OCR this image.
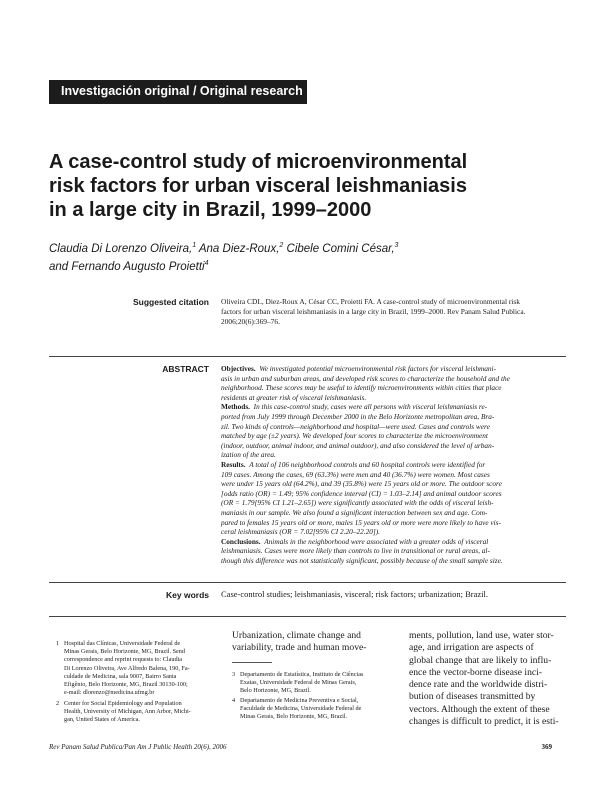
Investigación original / Original research
A case-control study of microenvironmental
risk factors for urban visceral leishmaniasis
in a large city in Brazil, 1999–2000
Claudia Di Lorenzo Oliveira,$^1$ Ana Diez-Roux,$^2$ Cibele Comini César,$^3$
and Fernando Augusto Proietti$^4$
Suggested citation Oliveira CDL, Diez-Roux A, César CC, Proietti FA. A case-control study of microenvironmental risk
factors for urban visceral leishmaniasis in a large city in Brazil, 1999–2000. Rev Panam Salud Publica.
2006;20(6):369–76.
ABSTRACT Objectives. We investigated potential microenvironmental risk factors for visceral leishmani-
asis in urban and suburban areas, and developed risk scores to characterize the household and the
neighborhood. These scores may be useful to identify microenvironments within cities that place
residents at greater risk of visceral leishmaniasis.
Methods. In this case-control study, cases were all persons with visceral leishmaniasis re-
ported from July 1999 through December 2000 in the Belo Horizonte metropolitan area, Bra-
zil. Two kinds of controls—neighborhood and hospital—were used. Cases and controls were
matched by age (±2 years). We developed four scores to characterize the microenvironment
(indoor, outdoor, animal indoor, and animal outdoor), and also considered the level of urban-
ization of the area.
Results. A total of 106 neighborhood controls and 60 hospital controls were identified for
109 cases. Among the cases, 69 (63.3%) were men and 40 (36.7%) were women. Most cases
were under 15 years old (64.2%), and 39 (35.8%) were 15 years old or more. The outdoor score
[odds ratio (OR) = 1.49; 95% confidence interval (CI) = 1.03–2.14] and animal outdoor scores
(OR = 1.79[95% CI 1.21–2.65]) were significantly associated with the odds of visceral leish-
maniasis in our sample. We also found a significant interaction between sex and age. Com-
pared to females 15 years old or more, males 15 years old or more were more likely to have vis-
ceral leishmaniasis (OR = 7.02[95% CI 2.20–22.20]).
Conclusions. Animals in the neighborhood were associated with a greater odds of visceral
leishmaniasis. Cases were more likely than controls to live in transitional or rural areas, al-
though this difference was not statistically significant, possibly because of the small sample size.
Key words Case-control studies; leishmaniasis, visceral; risk factors; urbanization; Brazil.
1 Hospital das Clínicas, Universidade Federal de
Minas Gerais, Belo Horizonte, MG, Brazil. Send
correspondence and reprint requests to: Claudia
Di Lorenzo Oliveira, Ave Alfredo Balena, 190, Fa-
culdade de Medicina, sala 9007, Bairro Santa
Efigênio, Belo Horizonte, MG, Brazil 30130-100;
e-mail: dlorenzo@medicina.ufmg.br
2 Center for Social Epidemiology and Population
Health, University of Michigan, Ann Arbor, Michi-
gan, United States of America.
Urbanization, climate change and
variability, trade and human move-
3 Departamento de Estatística, Instituto de Ciências
Exatas, Universidade Federal de Minas Gerais,
Belo Horizonte, MG, Brazil.
4 Departamento de Medicina Preventiva e Social,
Faculdade de Medicina, Universidade Federal de
Minas Gerais, Belo Horizonte, MG, Brazil.
ments, pollution, land use, water stor-
age, and irrigation are aspects of
global change that are likely to influ-
ence the vector-borne disease inci-
dence rate and the worldwide distri-
bution of diseases transmitted by
vectors. Although the extent of these
changes is difficult to predict, it is esti-
Rev Panam Salud Publica/Pan Am J Public Health 20(6), 2006	369
